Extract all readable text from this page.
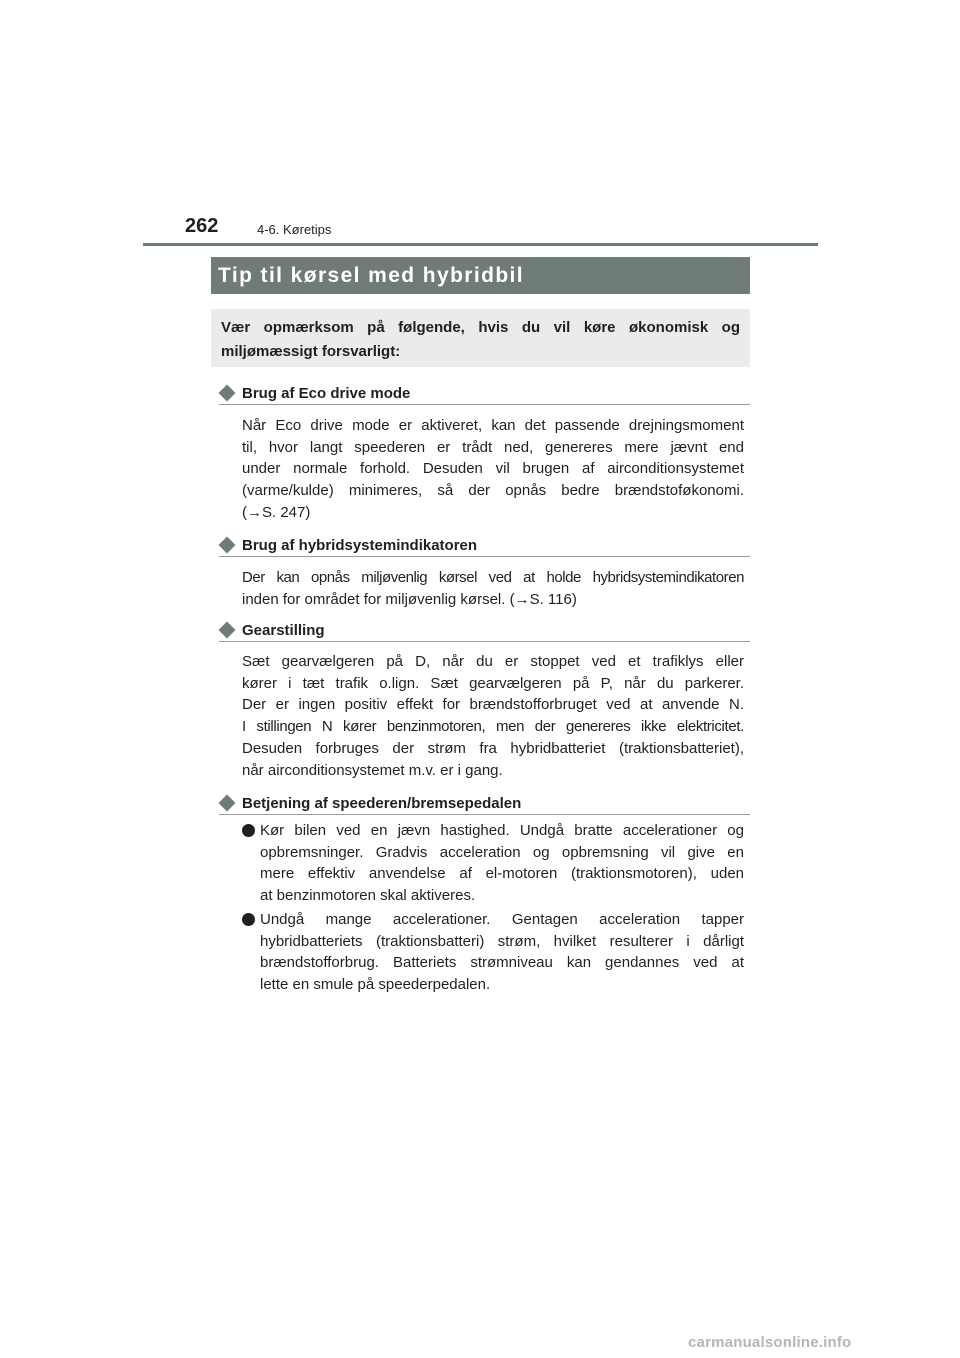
262	4-6. Køretips
Tip til kørsel med hybridbil
Vær opmærksom på følgende, hvis du vil køre økonomisk og miljømæssigt forsvarligt:
Brug af Eco drive mode
Når Eco drive mode er aktiveret, kan det passende drejningsmoment
til, hvor langt speederen er trådt ned, genereres mere jævnt end
under normale forhold. Desuden vil brugen af airconditionsystemet
(varme/kulde) minimeres, så der opnås bedre brændstoføkonomi.
(→S. 247)
Brug af hybridsystemindikatoren
Der kan opnås miljøvenlig kørsel ved at holde hybridsystemindikatoren
inden for området for miljøvenlig kørsel. (→S. 116)
Gearstilling
Sæt gearvælgeren på D, når du er stoppet ved et trafiklys eller
kører i tæt trafik o.lign. Sæt gearvælgeren på P, når du parkerer.
Der er ingen positiv effekt for brændstofforbruget ved at anvende N.
I stillingen N kører benzinmotoren, men der genereres ikke elektricitet.
Desuden forbruges der strøm fra hybridbatteriet (traktionsbatteriet),
når airconditionsystemet m.v. er i gang.
Betjening af speederen/bremsepedalen
Kør bilen ved en jævn hastighed. Undgå bratte accelerationer og
opbremsninger. Gradvis acceleration og opbremsning vil give en
mere effektiv anvendelse af el-motoren (traktionsmotoren), uden
at benzinmotoren skal aktiveres.
Undgå mange accelerationer. Gentagen acceleration tapper
hybridbatteriets (traktionsbatteri) strøm, hvilket resulterer i dårligt
brændstofforbrug. Batteriets strømniveau kan gendannes ved at
lette en smule på speederpedalen.
carmanualsonline.info
